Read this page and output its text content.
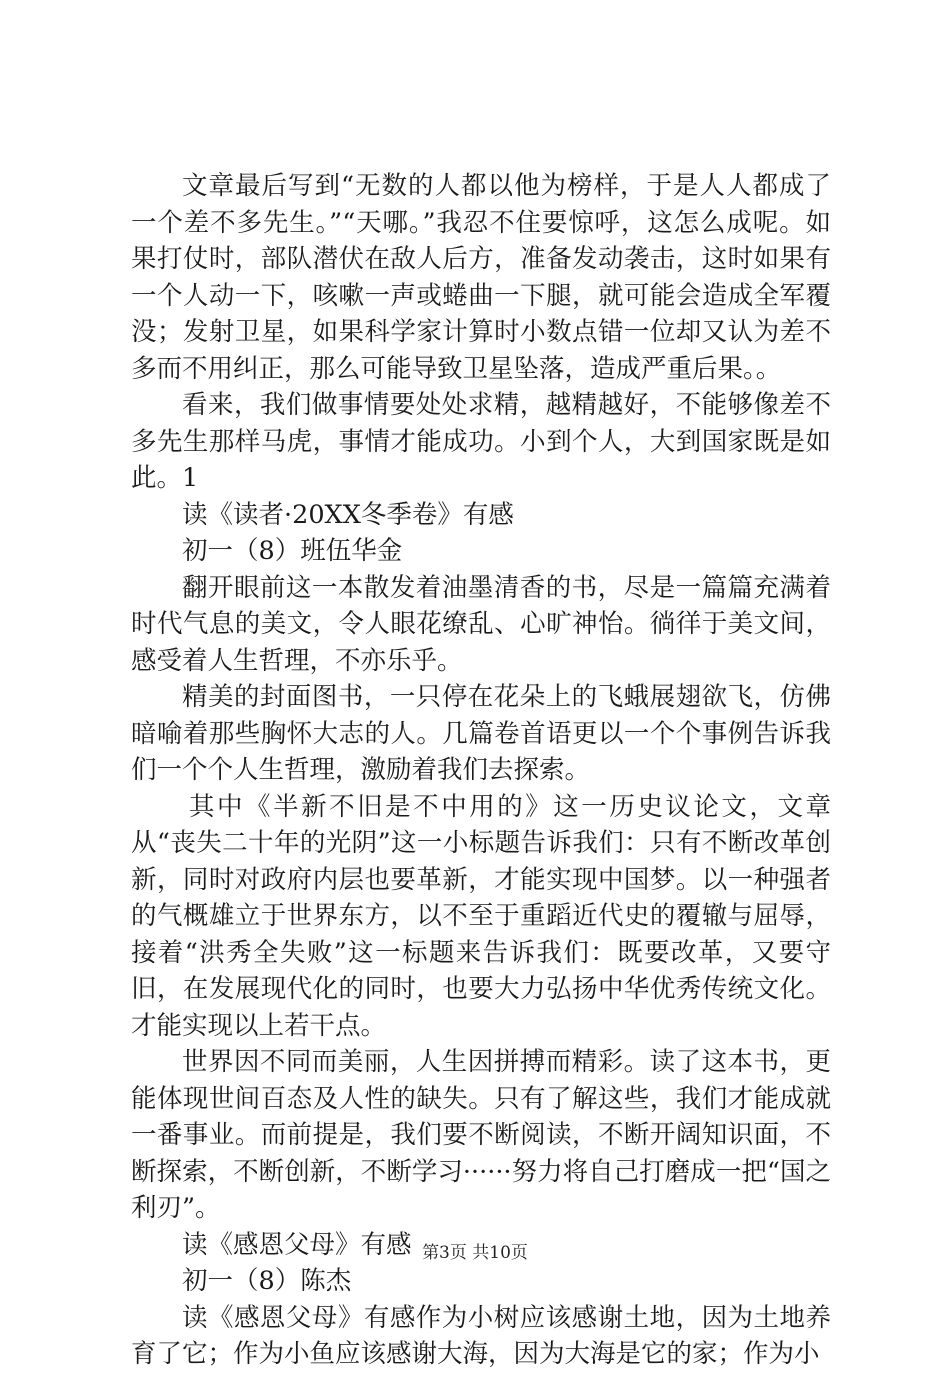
文章最后写到“无数的人都以他为榜样，于是人人都成了一个差不多先生。”“天哪。”我忍不住要惊呼，这怎么成呢。如果打仗时，部队潜伏在敌人后方，准备发动袭击，这时如果有一个人动一下，咳嗽一声或蜷曲一下腿，就可能会造成全军覆没；发射卫星，如果科学家计算时小数点错一位却又认为差不多而不用纠正，那么可能导致卫星坠落，造成严重后果。。

看来，我们做事情要处处求精，越精越好，不能够像差不多先生那样马虎，事情才能成功。小到个人，大到国家既是如此。1

读《读者·20XX冬季卷》有感

初一（8）班伍华金

翻开眼前这一本散发着油墨清香的书，尽是一篇篇充满着时代气息的美文，令人眼花缭乱、心旷神怡。徜徉于美文间，感受着人生哲理，不亦乐乎。

精美的封面图书，一只停在花朵上的飞蛾展翅欲飞，仿佛暗喻着那些胸怀大志的人。几篇卷首语更以一个个事例告诉我们一个个人生哲理，激励着我们去探索。

其中《半新不旧是不中用的》这一历史议论文，文章从“丧失二十年的光阴”这一小标题告诉我们：只有不断改革创新，同时对政府内层也要革新，才能实现中国梦。以一种强者的气概雄立于世界东方，以不至于重蹈近代史的覆辙与屈辱，接着“洪秀全失败”这一标题来告诉我们：既要改革，又要守旧，在发展现代化的同时，也要大力弘扬中华优秀传统文化。才能实现以上若干点。

世界因不同而美丽，人生因拼搏而精彩。读了这本书，更能体现世间百态及人性的缺失。只有了解这些，我们才能成就一番事业。而前提是，我们要不断阅读，不断开阔知识面，不断探索，不断创新，不断学习······努力将自己打磨成一把“国之利刃”。

读《感恩父母》有感

初一（8）陈杰

读《感恩父母》有感作为小树应该感谢土地，因为土地养育了它；作为小鱼应该感谢大海，因为大海是它的家；作为小

第3页 共10页
